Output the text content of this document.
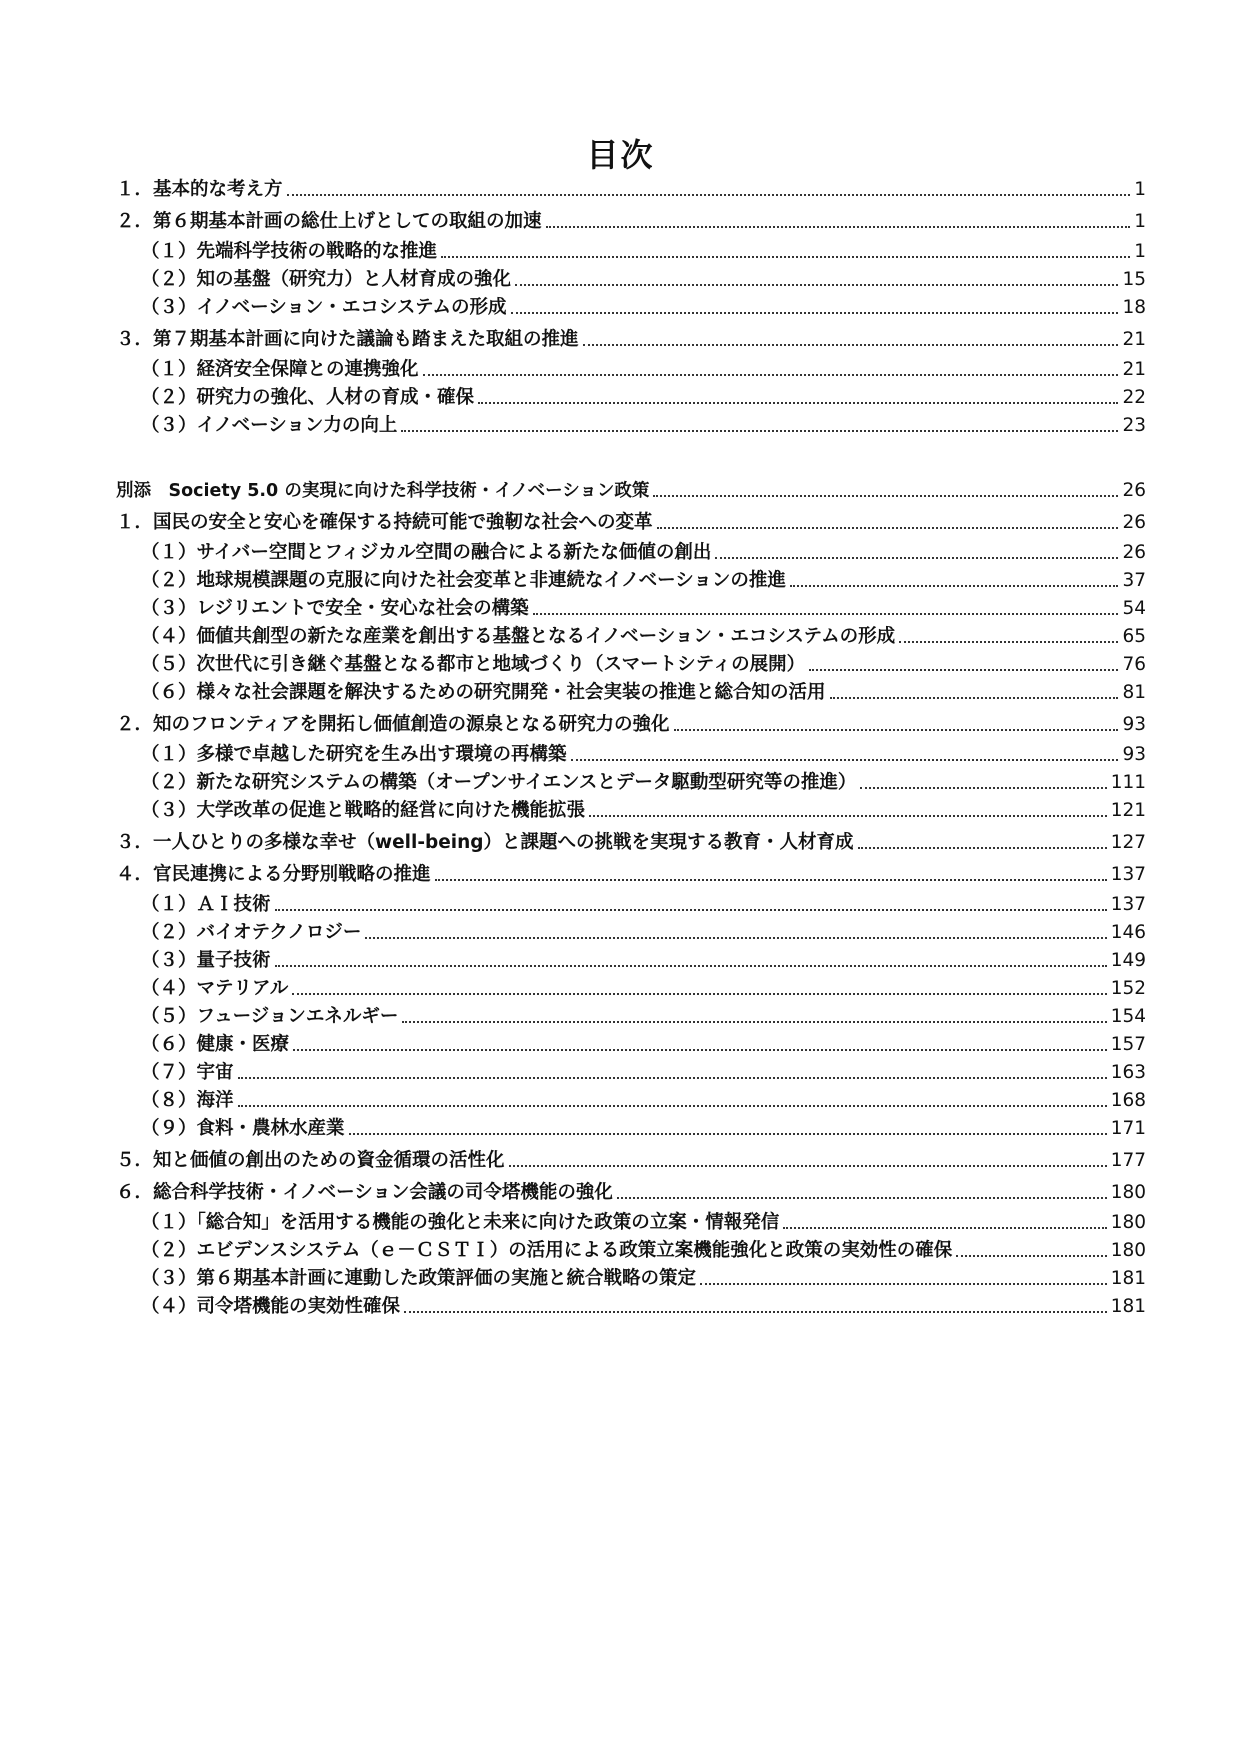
目次
１．基本的な考え方	1
２．第６期基本計画の総仕上げとしての取組の加速	1
（１）先端科学技術の戦略的な推進	1
（２）知の基盤（研究力）と人材育成の強化	15
（３）イノベーション・エコシステムの形成	18
３．第７期基本計画に向けた議論も踏まえた取組の推進	21
（１）経済安全保障との連携強化	21
（２）研究力の強化、人材の育成・確保	22
（３）イノベーション力の向上	23
別添　Society 5.0 の実現に向けた科学技術・イノベーション政策	26
１．国民の安全と安心を確保する持続可能で強靭な社会への変革	26
（１）サイバー空間とフィジカル空間の融合による新たな価値の創出	26
（２）地球規模課題の克服に向けた社会変革と非連続なイノベーションの推進	37
（３）レジリエントで安全・安心な社会の構築	54
（４）価値共創型の新たな産業を創出する基盤となるイノベーション・エコシステムの形成	65
（５）次世代に引き継ぐ基盤となる都市と地域づくり（スマートシティの展開）	76
（６）様々な社会課題を解決するための研究開発・社会実装の推進と総合知の活用	81
２．知のフロンティアを開拓し価値創造の源泉となる研究力の強化	93
（１）多様で卓越した研究を生み出す環境の再構築	93
（２）新たな研究システムの構築（オープンサイエンスとデータ駆動型研究等の推進）	111
（３）大学改革の促進と戦略的経営に向けた機能拡張	121
３．一人ひとりの多様な幸せ（well-being）と課題への挑戦を実現する教育・人材育成	127
４．官民連携による分野別戦略の推進	137
（１）ＡＩ技術	137
（２）バイオテクノロジー	146
（３）量子技術	149
（４）マテリアル	152
（５）フュージョンエネルギー	154
（６）健康・医療	157
（７）宇宙	163
（８）海洋	168
（９）食料・農林水産業	171
５．知と価値の創出のための資金循環の活性化	177
６．総合科学技術・イノベーション会議の司令塔機能の強化	180
（１）「総合知」を活用する機能の強化と未来に向けた政策の立案・情報発信	180
（２）エビデンスシステム（ｅ－ＣＳＴＩ）の活用による政策立案機能強化と政策の実効性の確保	180
（３）第６期基本計画に連動した政策評価の実施と統合戦略の策定	181
（４）司令塔機能の実効性確保	181
